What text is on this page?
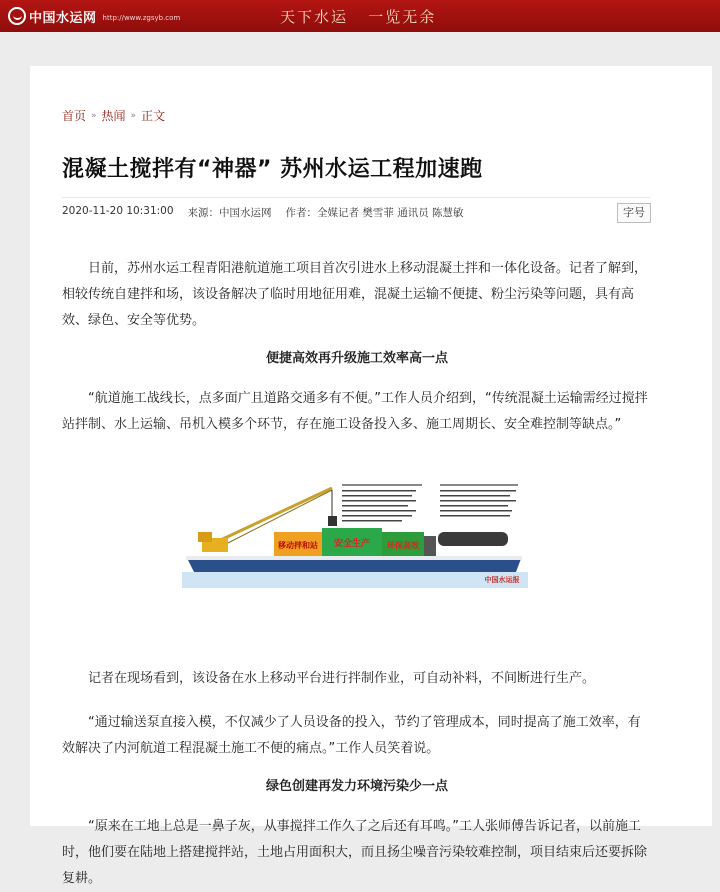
中国水运网 http://www.zgsyb.com	天下水运   一览无余
首页 » 热闻 » 正文
混凝土搅拌有“神器” 苏州水运工程加速跑
2020-11-20 10:31:00 来源：中国水运网 作者：全媒记者 樊雪菲 通讯员 陈慧敏	字号

日前，苏州水运工程青阳港航道施工项目首次引进水上移动混凝土拌和一体化设备。记者了解到，相较传统自建拌和场，该设备解决了临时用地征用难，混凝土运输不便捷、粉尘污染等问题，具有高效、绿色、安全等优势。

便捷高效再升级施工效率高一点

“航道施工战线长，点多面广且道路交通多有不便。”工作人员介绍到，“传统混凝土运输需经过搅拌站拌制、水上运输、吊机入模多个环节，存在施工设备投入多、施工周期长、安全难控制等缺点。”

记者在现场看到，该设备在水上移动平台进行拌制作业，可自动补料，不间断进行生产。

“通过输送泵直接入模，不仅减少了人员设备的投入，节约了管理成本，同时提高了施工效率，有效解决了内河航道工程混凝土施工不便的痛点。”工作人员笑着说。

绿色创建再发力环境污染少一点

“原来在工地上总是一鼻子灰，从事搅拌工作久了之后还有耳鸣。”工人张师傅告诉记者，以前施工时，他们要在陆地上搭建搅拌站，土地占用面积大，而且扬尘噪音污染较难控制，项目结束后还要拆除复耕。

移动拌和站 安全生产 环保高效
中国水运报
